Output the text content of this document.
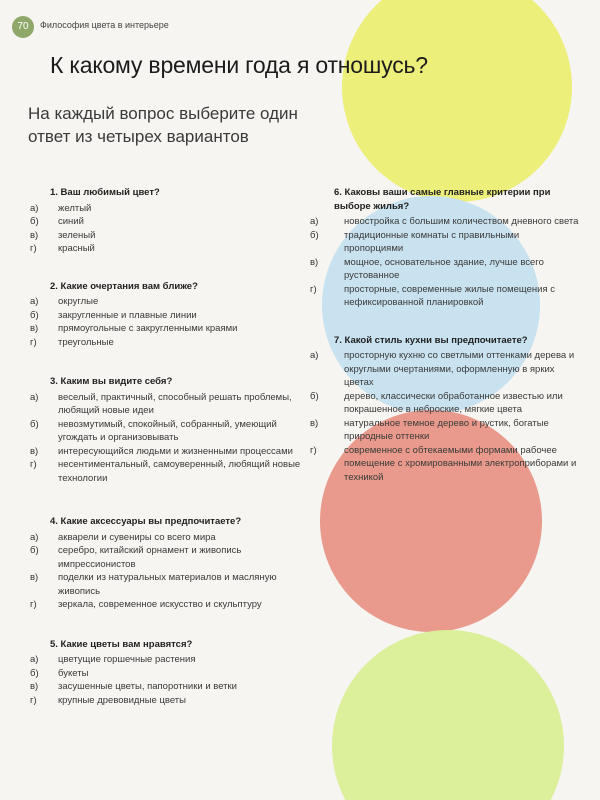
70	Философия цвета в интерьере
К какому времени года я отношусь?
На каждый вопрос выберите один ответ из четырех вариантов
1. Ваш любимый цвет?
а)	желтый
б)	синий
в)	зеленый
г)	красный
2. Какие очертания вам ближе?
а)	округлые
б)	закругленные и плавные линии
в)	прямоугольные с закругленными краями
г)	треугольные
3. Каким вы видите себя?
а)	веселый, практичный, способный решать проблемы, любящий новые идеи
б)	невозмутимый, спокойный, собранный, умеющий угождать и организовывать
в)	интересующийся людьми и жизненными процессами
г)	несентиментальный, самоуверенный, любящий новые технологии
4. Какие аксессуары вы предпочитаете?
а)	акварели и сувениры со всего мира
б)	серебро, китайский орнамент и живопись импрессионистов
в)	поделки из натуральных материалов и масляную живопись
г)	зеркала, современное искусство и скульптуру
5. Какие цветы вам нравятся?
а)	цветущие горшечные растения
б)	букеты
в)	засушенные цветы, папоротники и ветки
г)	крупные древовидные цветы
6. Каковы ваши самые главные критерии при выборе жилья?
а)	новостройка с большим количеством дневного света
б)	традиционные комнаты с правильными пропорциями
в)	мощное, основательное здание, лучше всего рустованное
г)	просторные, современные жилые помещения с нефиксированной планировкой
7. Какой стиль кухни вы предпочитаете?
а)	просторную кухню со светлыми оттенками дерева и округлыми очертаниями, оформленную в ярких цветах
б)	дерево, классически обработанное известью или покрашенное в неброские, мягкие цвета
в)	натуральное темное дерево и рустик, богатые природные оттенки
г)	современное с обтекаемыми формами рабочее помещение с хромированными электроприборами и техникой
